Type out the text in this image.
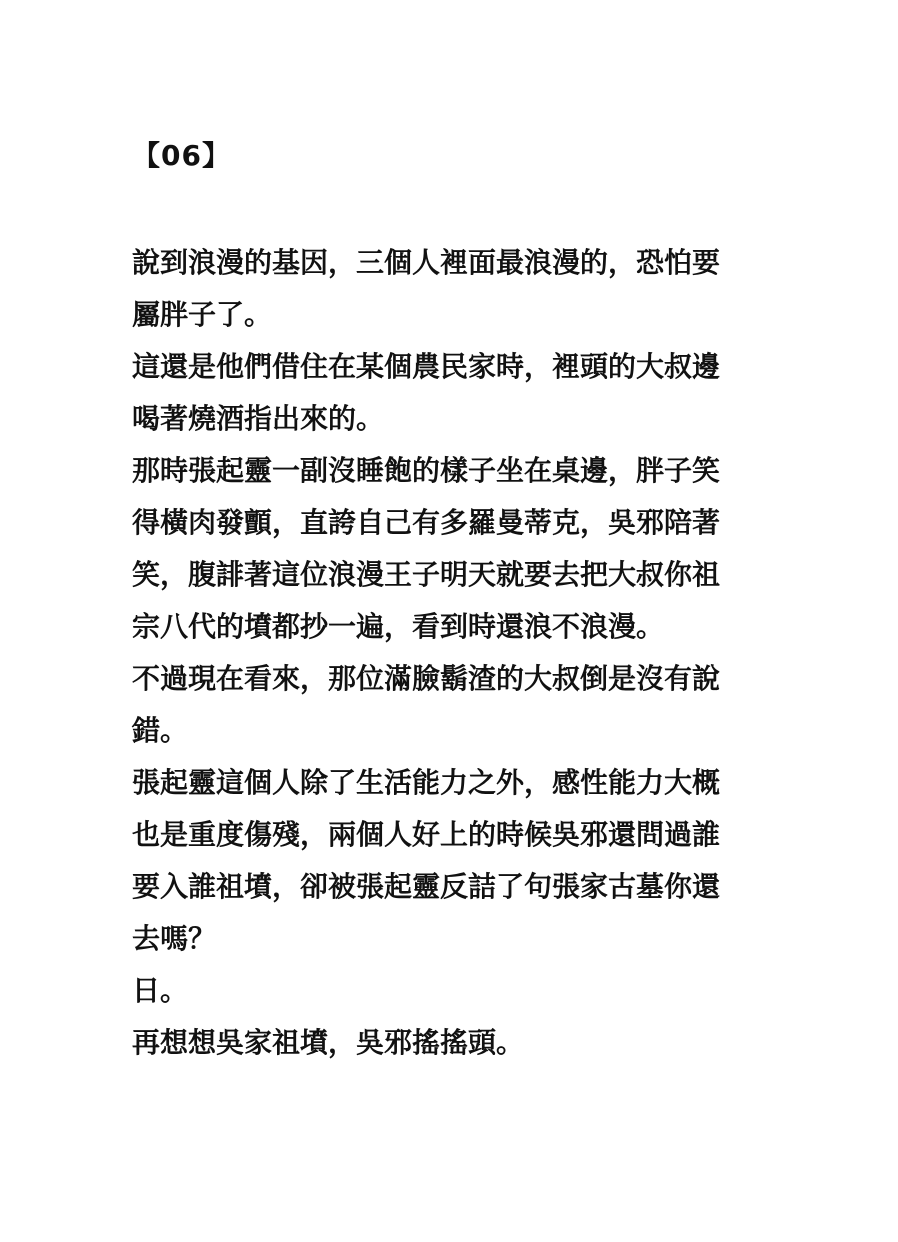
【06】
說到浪漫的基因，三個人裡面最浪漫的，恐怕要
屬胖子了。
這還是他們借住在某個農民家時，裡頭的大叔邊
喝著燒酒指出來的。
那時張起靈一副沒睡飽的樣子坐在桌邊，胖子笑
得橫肉發顫，直誇自己有多羅曼蒂克，吳邪陪著
笑，腹誹著這位浪漫王子明天就要去把大叔你祖
宗八代的墳都抄一遍，看到時還浪不浪漫。
不過現在看來，那位滿臉鬍渣的大叔倒是沒有說
錯。
張起靈這個人除了生活能力之外，感性能力大概
也是重度傷殘，兩個人好上的時候吳邪還問過誰
要入誰祖墳，卻被張起靈反詰了句張家古墓你還
去嗎？
日。
再想想吳家祖墳，吳邪搖搖頭。
